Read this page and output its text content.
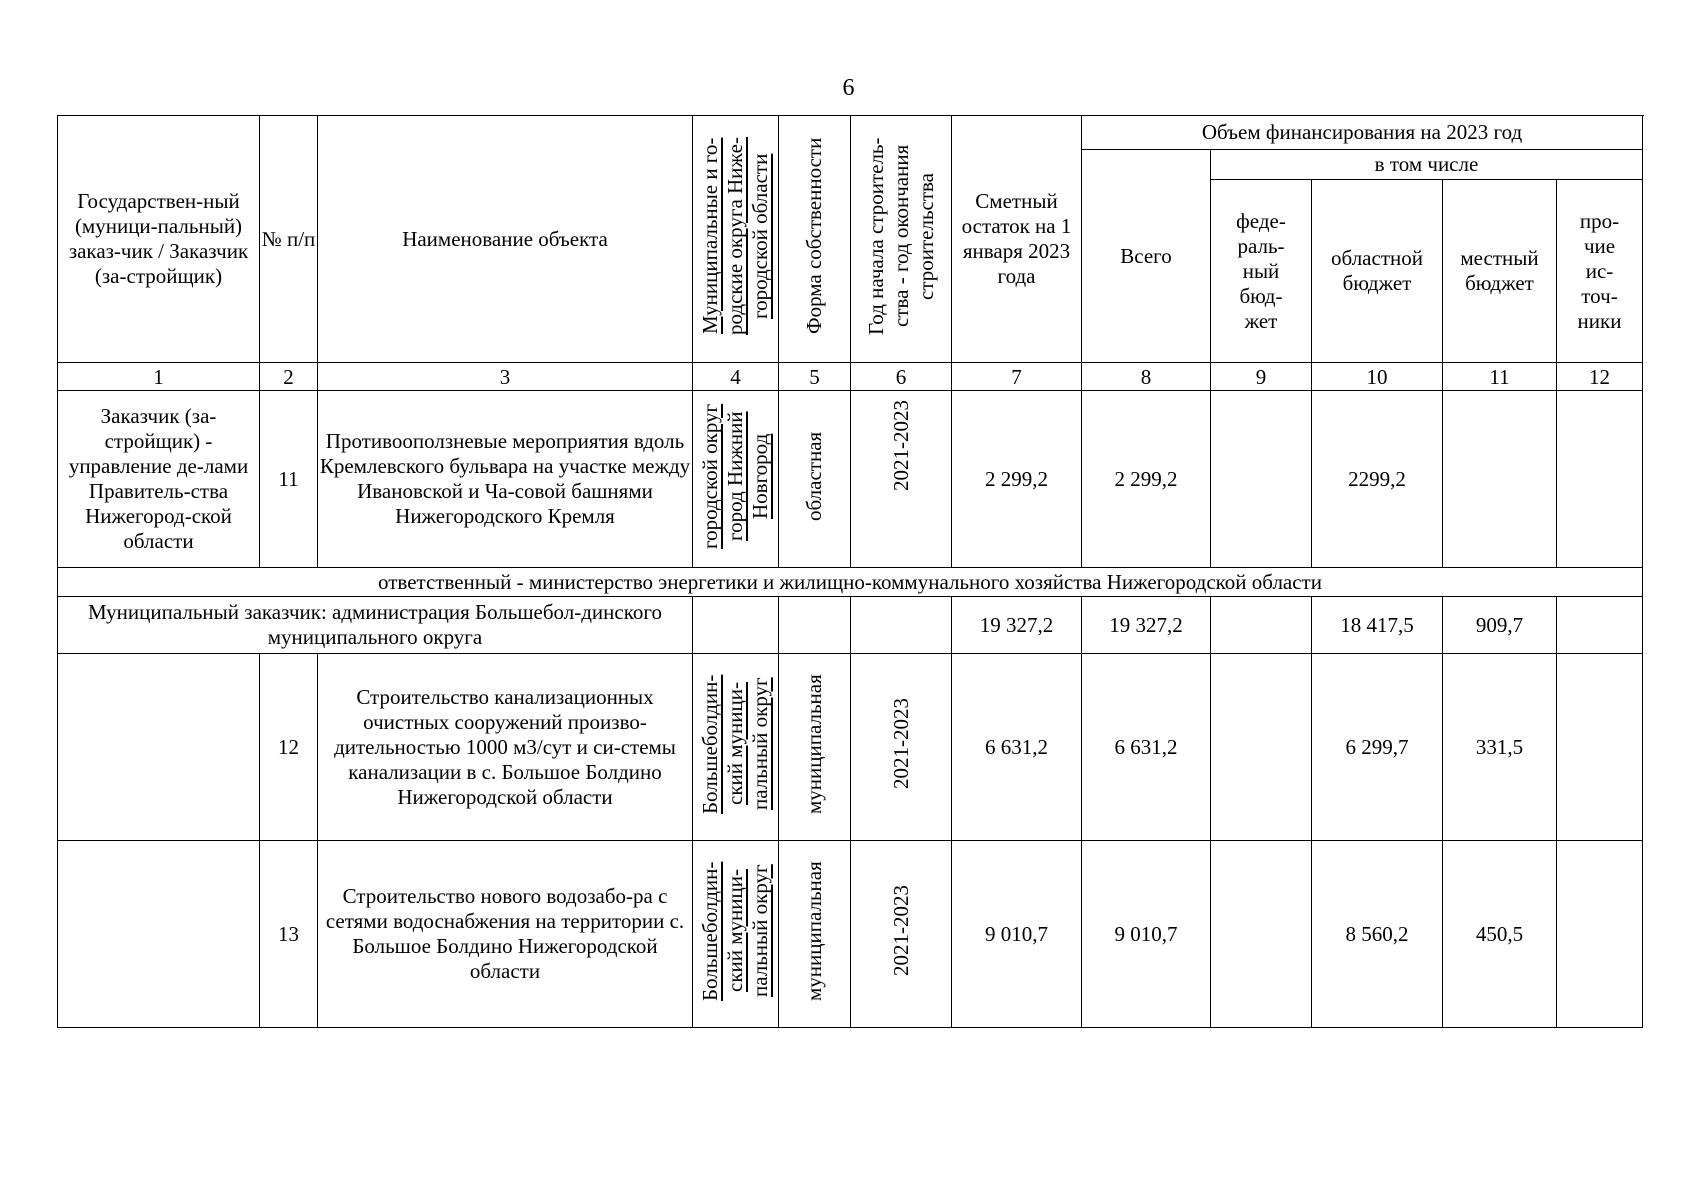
6
Государствен-ный (муници-пальный) заказ-чик / Заказчик (за-стройщик)	№ п/п	Наименование объекта	Муниципальные и го-родские округа Ниже-городской области	Форма собственности	Год начала строитель-ства - год окончания строительства	Сметный остаток на 1 января 2023 года	Объем финансирования на 2023 год				
							Всего	в том числе			
								феде-раль-ный бюд-жет	областной бюджет	местный бюджет	про-чие ис-точ-ники
1	2	3	4	5	6	7	8	9	10	11	12
Заказчик (за-стройщик) - управление де-лами Правитель-ства Нижегород-ской области	11	Противооползневые мероприятия вдоль Кремлевского бульвара на участке между Ивановской и Ча-совой башнями Нижегородского Кремля	городской округ город Нижний Новгород	областная	2021-2023	2 299,2	2 299,2		2299,2		
ответственный - министерство энергетики и жилищно-коммунального хозяйства Нижегородской области											
Муниципальный заказчик: администрация Большебол-динского муниципального округа						19 327,2	19 327,2		18 417,5	909,7	
	12	Строительство канализационных очистных сооружений произво-дительностью 1000 м3/сут и си-стемы канализации в с. Большое Болдино Нижегородской области	Большеболдин-ский муници-пальный округ	муниципальная	2021-2023	6 631,2	6 631,2		6 299,7	331,5	
	13	Строительство нового водозабо-ра с сетями водоснабжения на территории с. Большое Болдино Нижегородской области	Большеболдин-ский муници-пальный округ	муниципальная	2021-2023	9 010,7	9 010,7		8 560,2	450,5	
